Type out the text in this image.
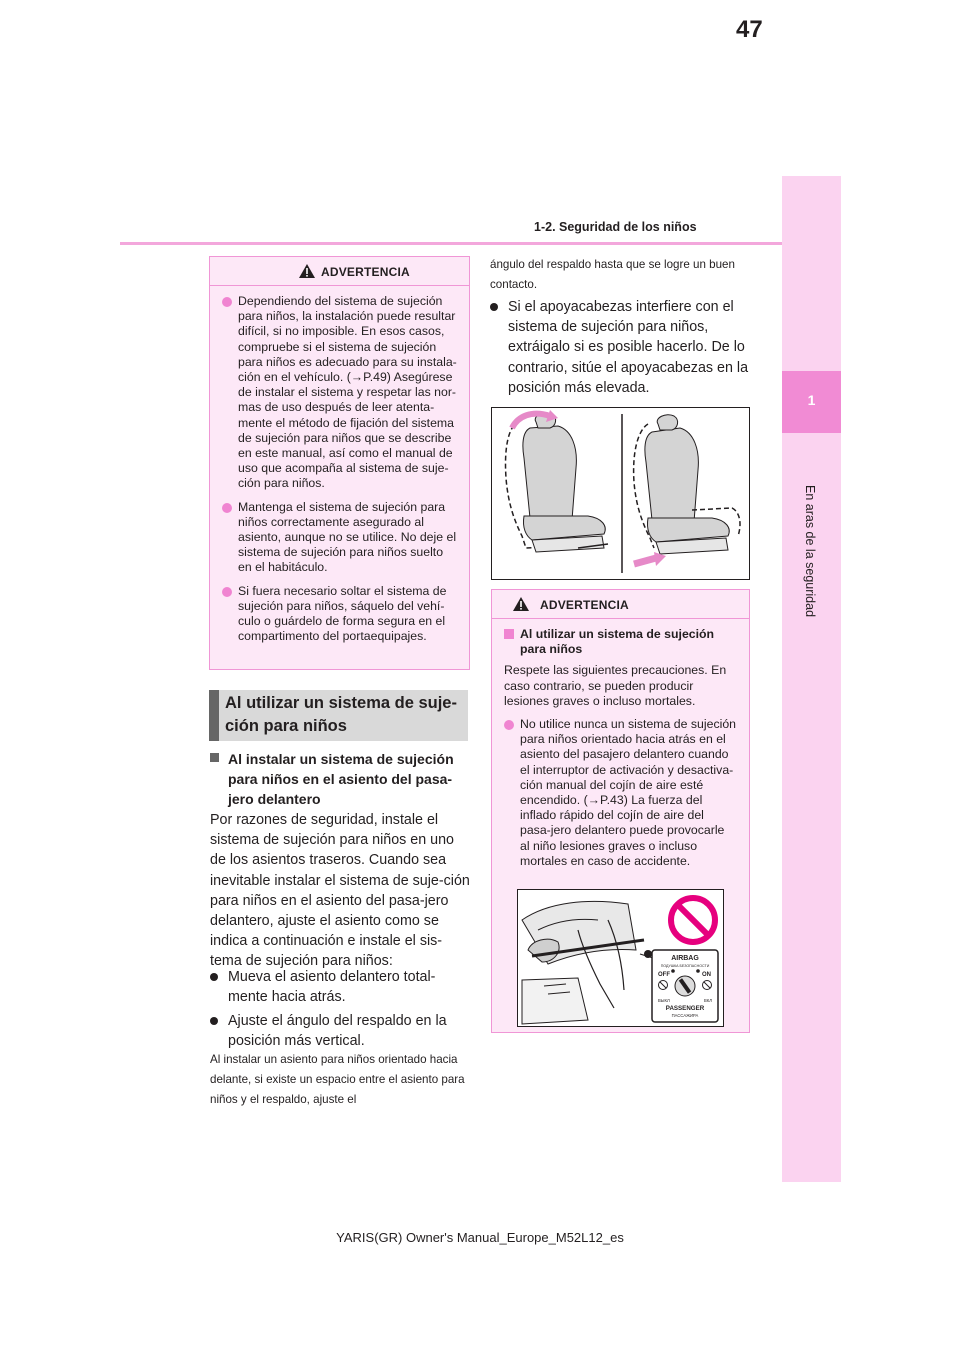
47
1-2. Seguridad de los niños
1
En aras de la seguridad
ADVERTENCIA
Dependiendo del sistema de sujeción para niños, la instalación puede resultar difícil, si no imposible. En esos casos, compruebe si el sistema de sujeción para niños es adecuado para su instala-ción en el vehículo. (→P.49) Asegúrese de instalar el sistema y respetar las nor-mas de uso después de leer atenta-mente el método de fijación del sistema de sujeción para niños que se describe en este manual, así como el manual de uso que acompaña al sistema de suje-ción para niños.
Mantenga el sistema de sujeción para niños correctamente asegurado al asiento, aunque no se utilice. No deje el sistema de sujeción para niños suelto en el habitáculo.
Si fuera necesario soltar el sistema de sujeción para niños, sáquelo del vehí-culo o guárdelo de forma segura en el compartimento del portaequipajes.
Al utilizar un sistema de suje-ción para niños
Al instalar un sistema de sujeción para niños en el asiento del pasa-jero delantero
Por razones de seguridad, instale el sistema de sujeción para niños en uno de los asientos traseros. Cuando sea inevitable instalar el sistema de suje-ción para niños en el asiento del pasa-jero delantero, ajuste el asiento como se indica a continuación e instale el sis-tema de sujeción para niños:
Mueva el asiento delantero total-mente hacia atrás.
Ajuste el ángulo del respaldo en la posición más vertical.
Al instalar un asiento para niños orientado hacia delante, si existe un espacio entre el asiento para niños y el respaldo, ajuste el
ángulo del respaldo hasta que se logre un buen contacto.
Si el apoyacabezas interfiere con el sistema de sujeción para niños, extráigalo si es posible hacerlo. De lo contrario, sitúe el apoyacabezas en la posición más elevada.
ADVERTENCIA
Al utilizar un sistema de sujeción para niños
Respete las siguientes precauciones. En caso contrario, se pueden producir lesiones graves o incluso mortales.
No utilice nunca un sistema de sujeción para niños orientado hacia atrás en el asiento del pasajero delantero cuando el interruptor de activación y desactiva-ción manual del cojín de aire esté encendido. (→P.43) La fuerza del inflado rápido del cojín de aire del pasa-jero delantero puede provocarle al niño lesiones graves o incluso mortales en caso de accidente.
AIRBAG
ПОДУШКА БЕЗОПАСНОСТИ
OFF	ON
ВЫКЛ	ВКЛ
PASSENGER
ПАССАЖИРА
YARIS(GR) Owner's Manual_Europe_M52L12_es
